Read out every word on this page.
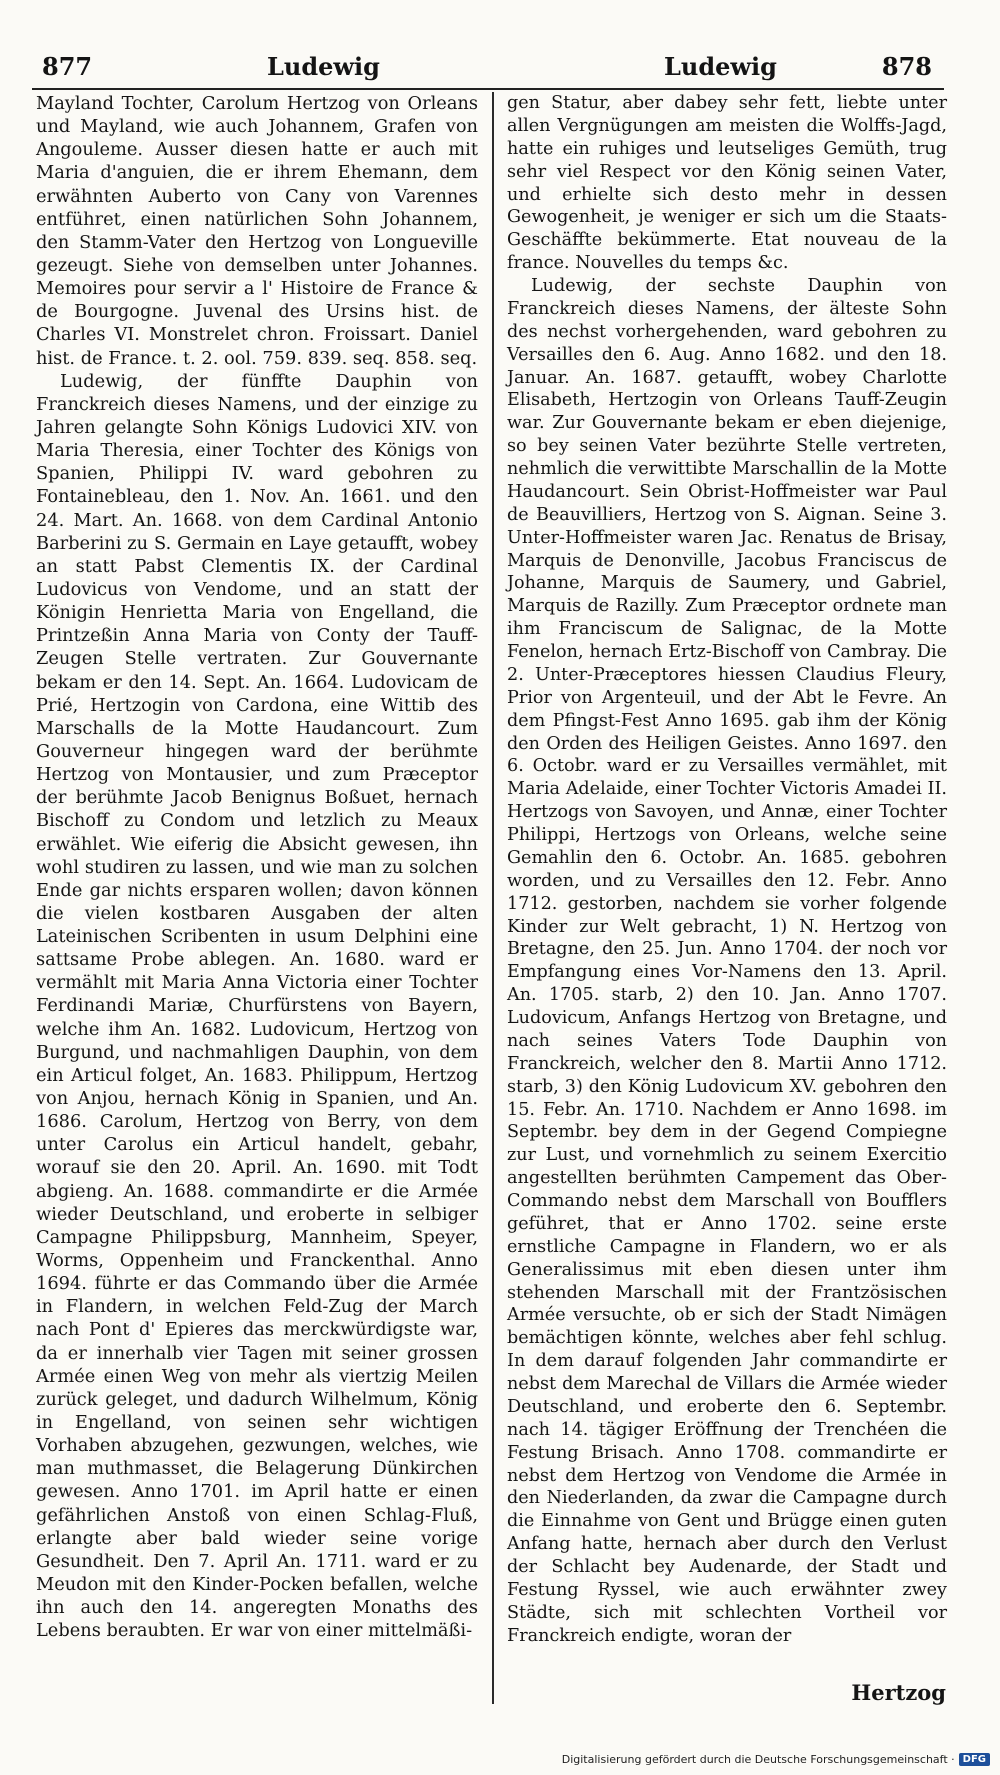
877	Ludewig	Ludewig	878

Mayland Tochter, Carolum Hertzog von Orleans und Mayland, wie auch Johannem, Grafen von Angouleme. Ausser diesen hatte er auch mit Maria d'anguien, die er ihrem Ehemann, dem erwähnten Auberto von Cany von Varennes entführet, einen natürlichen Sohn Johannem, den Stamm-Vater den Hertzog von Longueville gezeugt. Siehe von demselben unter Johannes. Memoires pour servir a l' Histoire de France & de Bourgogne. Juvenal des Ursins hist. de Charles VI. Monstrelet chron. Froissart. Daniel hist. de France. t. 2. ool. 759. 839. seq. 858. seq.

Ludewig, der fünffte Dauphin von Franckreich dieses Namens, und der einzige zu Jahren gelangte Sohn Königs Ludovici XIV. von Maria Theresia, einer Tochter des Königs von Spanien, Philippi IV. ward gebohren zu Fontainebleau, den 1. Nov. An. 1661. und den 24. Mart. An. 1668. von dem Cardinal Antonio Barberini zu S. Germain en Laye getaufft, wobey an statt Pabst Clementis IX. der Cardinal Ludovicus von Vendome, und an statt der Königin Henrietta Maria von Engelland, die Printzeßin Anna Maria von Conty der Tauff-Zeugen Stelle vertraten. Zur Gouvernante bekam er den 14. Sept. An. 1664. Ludovicam de Prié, Hertzogin von Cardona, eine Wittib des Marschalls de la Motte Haudancourt. Zum Gouverneur hingegen ward der berühmte Hertzog von Montausier, und zum Præceptor der berühmte Jacob Benignus Boßuet, hernach Bischoff zu Condom und letzlich zu Meaux erwählet. Wie eiferig die Absicht gewesen, ihn wohl studiren zu lassen, und wie man zu solchen Ende gar nichts ersparen wollen; davon können die vielen kostbaren Ausgaben der alten Lateinischen Scribenten in usum Delphini eine sattsame Probe ablegen. An. 1680. ward er vermählt mit Maria Anna Victoria einer Tochter Ferdinandi Mariæ, Churfürstens von Bayern, welche ihm An. 1682. Ludovicum, Hertzog von Burgund, und nachmahligen Dauphin, von dem ein Articul folget, An. 1683. Philippum, Hertzog von Anjou, hernach König in Spanien, und An. 1686. Carolum, Hertzog von Berry, von dem unter Carolus ein Articul handelt, gebahr, worauf sie den 20. April. An. 1690. mit Todt abgieng. An. 1688. commandirte er die Armée wieder Deutschland, und eroberte in selbiger Campagne Philippsburg, Mannheim, Speyer, Worms, Oppenheim und Franckenthal. Anno 1694. führte er das Commando über die Armée in Flandern, in welchen Feld-Zug der March nach Pont d' Epieres das merckwürdigste war, da er innerhalb vier Tagen mit seiner grossen Armée einen Weg von mehr als viertzig Meilen zurück geleget, und dadurch Wilhelmum, König in Engelland, von seinen sehr wichtigen Vorhaben abzugehen, gezwungen, welches, wie man muthmasset, die Belagerung Dünkirchen gewesen. Anno 1701. im April hatte er einen gefährlichen Anstoß von einen Schlag-Fluß, erlangte aber bald wieder seine vorige Gesundheit. Den 7. April An. 1711. ward er zu Meudon mit den Kinder-Pocken befallen, welche ihn auch den 14. angeregten Monaths des Lebens beraubten. Er war von einer mittelmäßi-

gen Statur, aber dabey sehr fett, liebte unter allen Vergnügungen am meisten die Wolffs-Jagd, hatte ein ruhiges und leutseliges Gemüth, trug sehr viel Respect vor den König seinen Vater, und erhielte sich desto mehr in dessen Gewogenheit, je weniger er sich um die Staats-Geschäffte bekümmerte. Etat nouveau de la france. Nouvelles du temps &c.

Ludewig, der sechste Dauphin von Franckreich dieses Namens, der älteste Sohn des nechst vorhergehenden, ward gebohren zu Versailles den 6. Aug. Anno 1682. und den 18. Januar. An. 1687. getaufft, wobey Charlotte Elisabeth, Hertzogin von Orleans Tauff-Zeugin war. Zur Gouvernante bekam er eben diejenige, so bey seinen Vater bezührte Stelle vertreten, nehmlich die verwittibte Marschallin de la Motte Haudancourt. Sein Obrist-Hoffmeister war Paul de Beauvilliers, Hertzog von S. Aignan. Seine 3. Unter-Hoffmeister waren Jac. Renatus de Brisay, Marquis de Denonville, Jacobus Franciscus de Johanne, Marquis de Saumery, und Gabriel, Marquis de Razilly. Zum Præceptor ordnete man ihm Franciscum de Salignac, de la Motte Fenelon, hernach Ertz-Bischoff von Cambray. Die 2. Unter-Præceptores hiessen Claudius Fleury, Prior von Argenteuil, und der Abt le Fevre. An dem Pfingst-Fest Anno 1695. gab ihm der König den Orden des Heiligen Geistes. Anno 1697. den 6. Octobr. ward er zu Versailles vermählet, mit Maria Adelaide, einer Tochter Victoris Amadei II. Hertzogs von Savoyen, und Annæ, einer Tochter Philippi, Hertzogs von Orleans, welche seine Gemahlin den 6. Octobr. An. 1685. gebohren worden, und zu Versailles den 12. Febr. Anno 1712. gestorben, nachdem sie vorher folgende Kinder zur Welt gebracht, 1) N. Hertzog von Bretagne, den 25. Jun. Anno 1704. der noch vor Empfangung eines Vor-Namens den 13. April. An. 1705. starb, 2) den 10. Jan. Anno 1707. Ludovicum, Anfangs Hertzog von Bretagne, und nach seines Vaters Tode Dauphin von Franckreich, welcher den 8. Martii Anno 1712. starb, 3) den König Ludovicum XV. gebohren den 15. Febr. An. 1710. Nachdem er Anno 1698. im Septembr. bey dem in der Gegend Compiegne zur Lust, und vornehmlich zu seinem Exercitio angestellten berühmten Campement das Ober-Commando nebst dem Marschall von Boufflers geführet, that er Anno 1702. seine erste ernstliche Campagne in Flandern, wo er als Generalissimus mit eben diesen unter ihm stehenden Marschall mit der Frantzösischen Armée versuchte, ob er sich der Stadt Nimägen bemächtigen könnte, welches aber fehl schlug. In dem darauf folgenden Jahr commandirte er nebst dem Marechal de Villars die Armée wieder Deutschland, und eroberte den 6. Septembr. nach 14. tägiger Eröffnung der Trenchéen die Festung Brisach. Anno 1708. commandirte er nebst dem Hertzog von Vendome die Armée in den Niederlanden, da zwar die Campagne durch die Einnahme von Gent und Brügge einen guten Anfang hatte, hernach aber durch den Verlust der Schlacht bey Audenarde, der Stadt und Festung Ryssel, wie auch erwähnter zwey Städte, sich mit schlechten Vortheil vor Franckreich endigte, woran der

Hertzog
Digitalisierung gefördert durch die Deutsche Forschungsgemeinschaft · DFG
